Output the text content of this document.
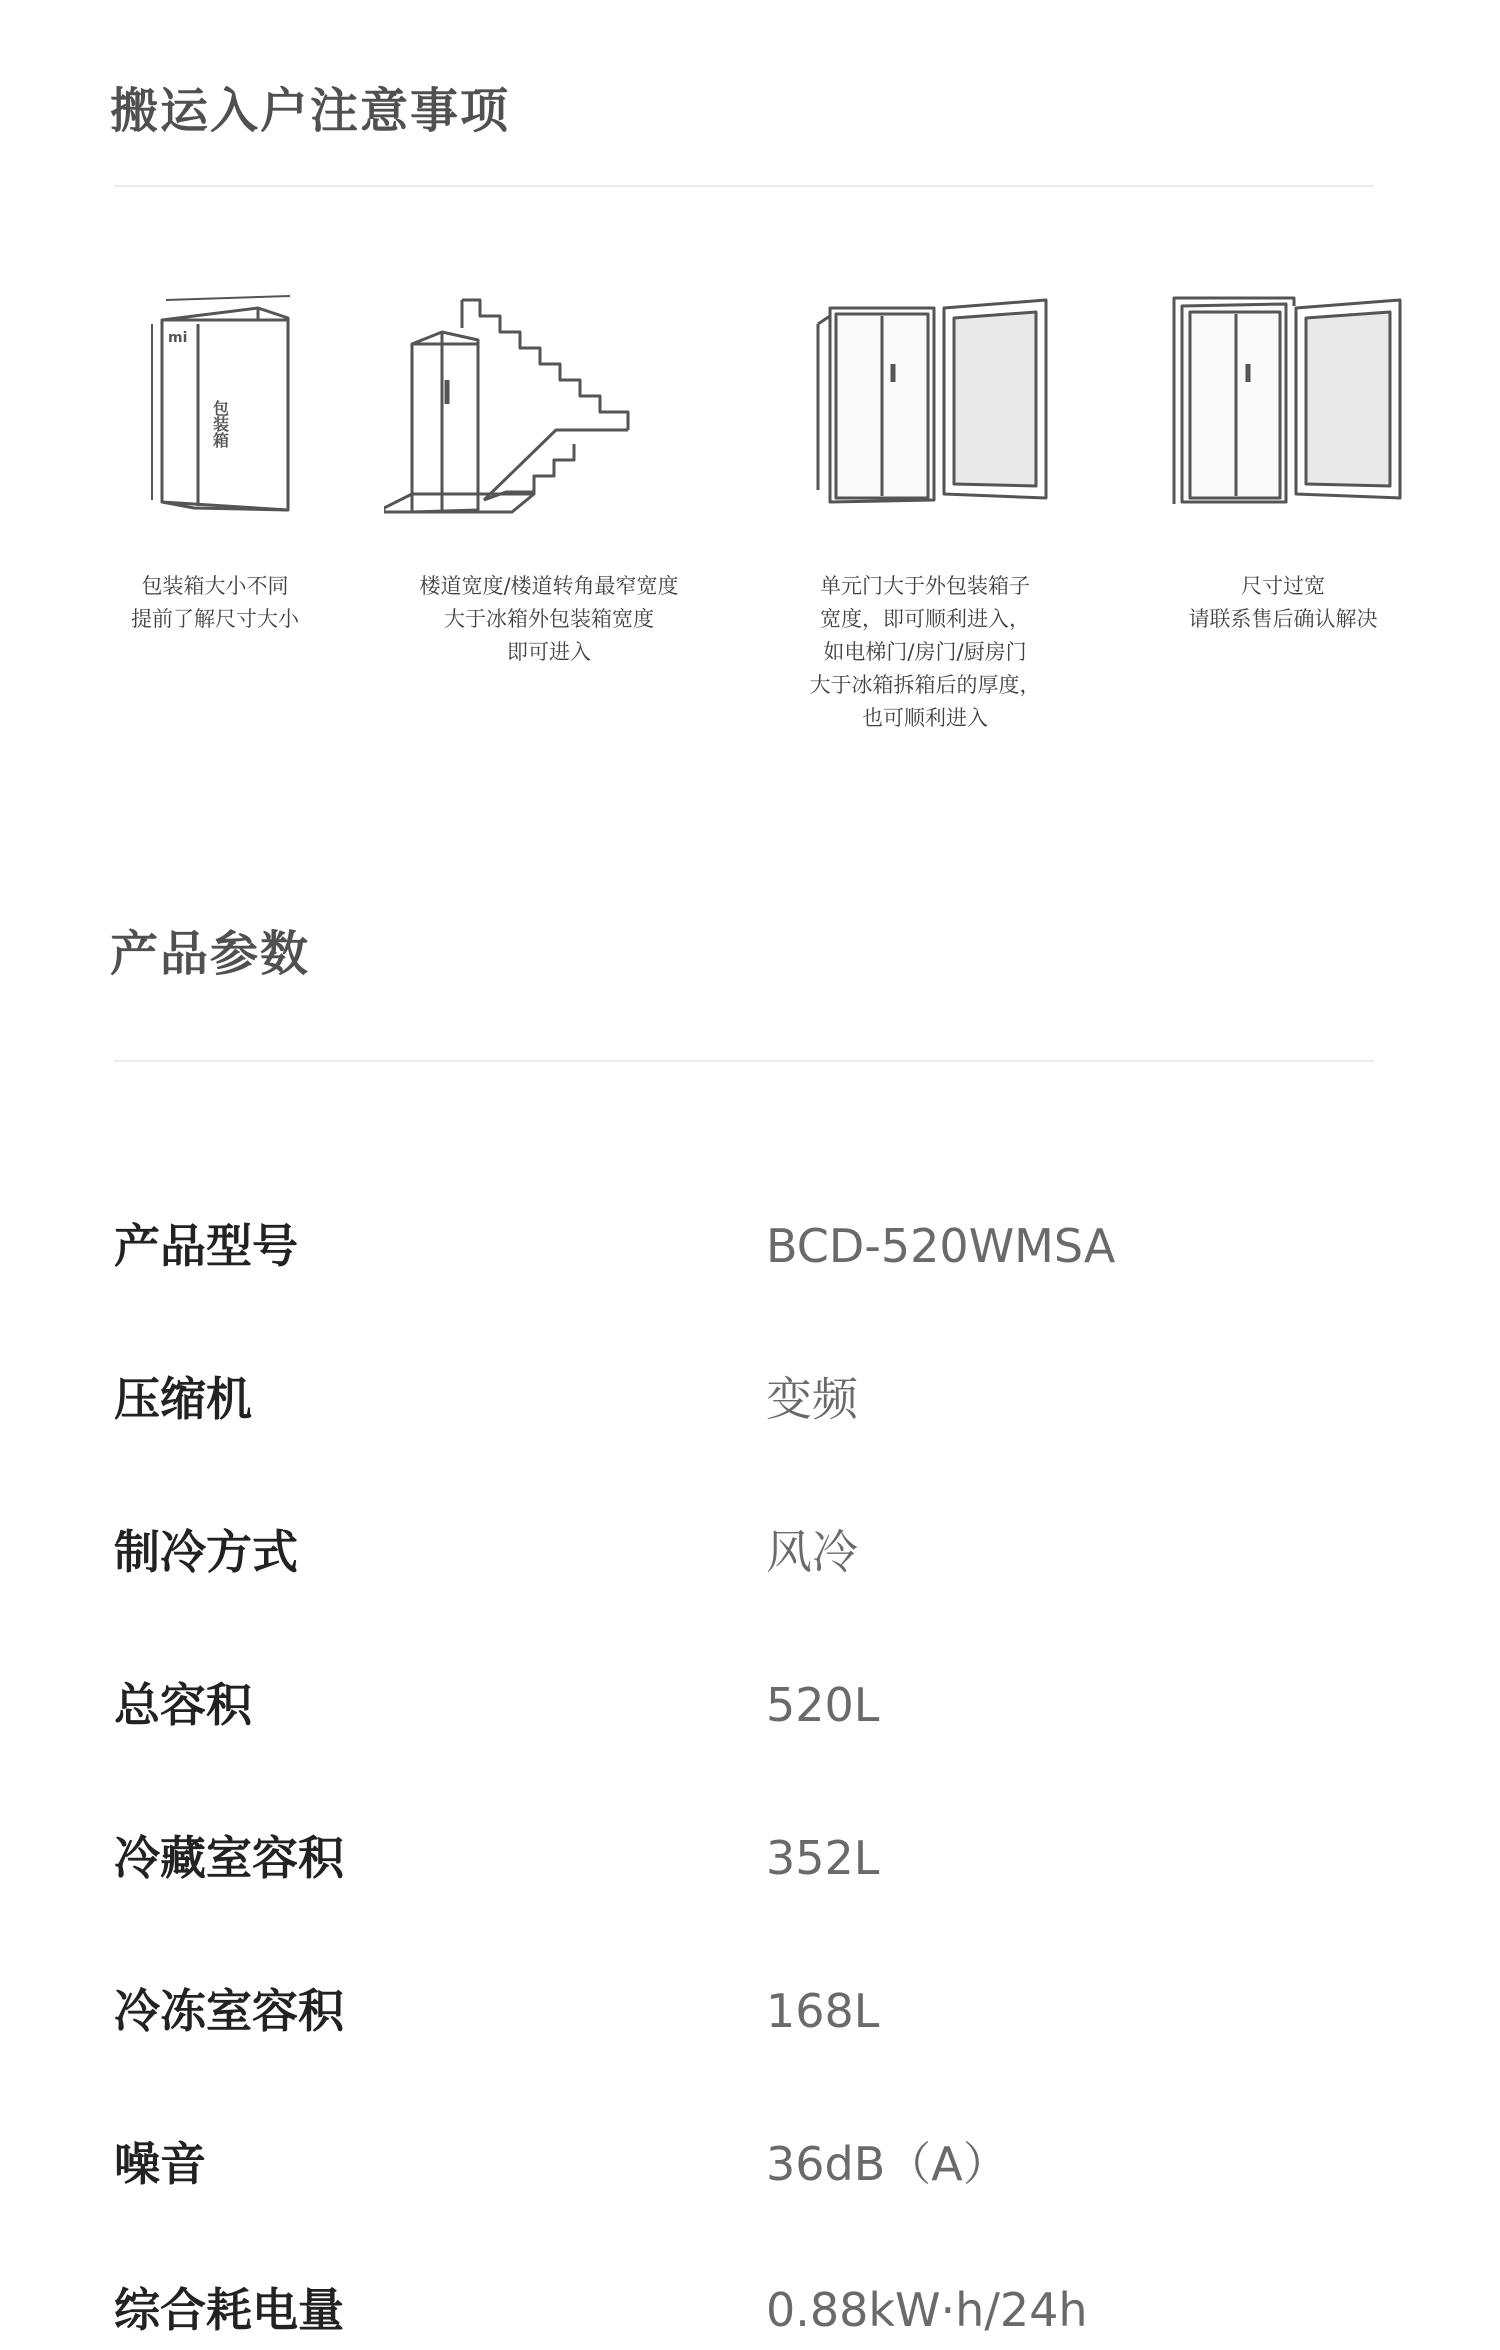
搬运入户注意事项
mi
包装箱
包装箱大小不同
提前了解尺寸大小
楼道宽度/楼道转角最窄宽度
大于冰箱外包装箱宽度
即可进入
单元门大于外包装箱子
宽度，即可顺利进入，
如电梯门/房门/厨房门
大于冰箱拆箱后的厚度，
也可顺利进入
尺寸过宽
请联系售后确认解决
产品参数
产品型号	BCD-520WMSA
压缩机	变频
制冷方式	风冷
总容积	520L
冷藏室容积	352L
冷冻室容积	168L
噪音	36dB（A）
综合耗电量	0.88kW·h/24h
